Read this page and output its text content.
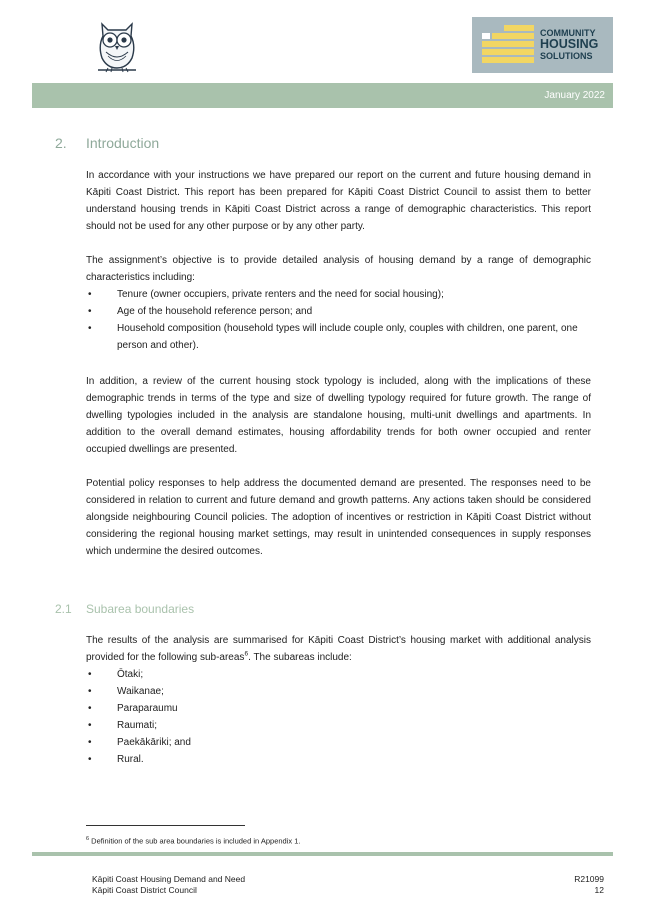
COMMUNITY
HOUSING
SOLUTIONS
January 2022
2. Introduction

In accordance with your instructions we have prepared our report on the current and future housing demand in Kāpiti Coast District. This report has been prepared for Kāpiti Coast District Council to assist them to better understand housing trends in Kāpiti Coast District across a range of demographic characteristics. This report should not be used for any other purpose or by any other party.

The assignment’s objective is to provide detailed analysis of housing demand by a range of demographic characteristics including:

•	Tenure (owner occupiers, private renters and the need for social housing);
•	Age of the household reference person; and
•	Household composition (household types will include couple only, couples with children, one parent, one person and other).

In addition, a review of the current housing stock typology is included, along with the implications of these demographic trends in terms of the type and size of dwelling typology required for future growth. The range of dwelling typologies included in the analysis are standalone housing, multi-unit dwellings and apartments. In addition to the overall demand estimates, housing affordability trends for both owner occupied and renter occupied dwellings are presented.

Potential policy responses to help address the documented demand are presented. The responses need to be considered in relation to current and future demand and growth patterns. Any actions taken should be considered alongside neighbouring Council policies. The adoption of incentives or restriction in Kāpiti Coast District without considering the regional housing market settings, may result in unintended consequences in supply responses which undermine the desired outcomes.

2.1 Subarea boundaries

The results of the analysis are summarised for Kāpiti Coast District’s housing market with additional analysis provided for the following sub-areas$^6$. The subareas include:

•	Ōtaki;
•	Waikanae;
•	Paraparaumu
•	Raumati;
•	Paekākāriki; and
•	Rural.
$^6$ Definition of the sub area boundaries is included in Appendix 1.
Kāpiti Coast Housing Demand and Need
Kāpiti Coast District Council
R21099
12
